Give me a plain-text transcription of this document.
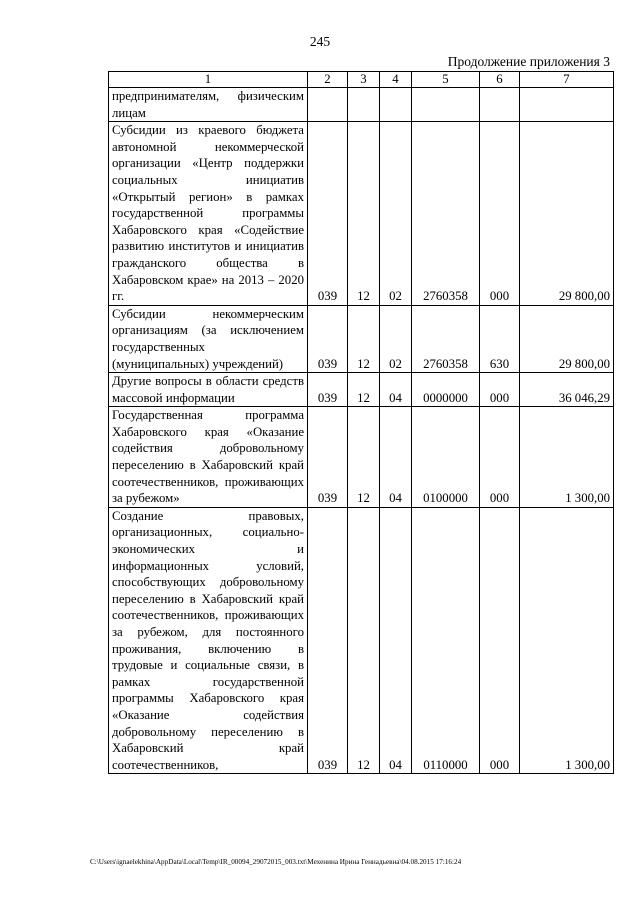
245
Продолжение приложения 3
1	2	3	4	5	6	7
предпринимателям, физическим лицам						
Субсидии из краевого бюджета автономной некоммерческой организации «Центр поддержки социальных инициатив «Открытый регион» в рамках государственной программы Хабаровского края «Содействие развитию институтов и инициатив гражданского общества в Хабаровском крае» на 2013 – 2020 гг.	039	12	02	2760358	000	29 800,00
Субсидии некоммерческим организациям (за исключением государственных (муниципальных) учреждений)	039	12	02	2760358	630	29 800,00
Другие вопросы в области средств массовой информации	039	12	04	0000000	000	36 046,29
Государственная программа Хабаровского края «Оказание содействия добровольному переселению в Хабаровский край соотечественников, проживающих за рубежом»	039	12	04	0100000	000	1 300,00
Создание правовых, организационных, социально-экономических и информационных условий, способствующих добровольному переселению в Хабаровский край соотечественников, проживающих за рубежом, для постоянного проживания, включению в трудовые и социальные связи, в рамках государственной программы Хабаровского края «Оказание содействия добровольному переселению в Хабаровский край соотечественников,	039	12	04	0110000	000	1 300,00
C:\Users\ignaelekhina\AppData\Local\Temp\IR_00094_29072015_003.txt\Мехенина Ирина Геннадьевна\04.08.2015 17:16:24
